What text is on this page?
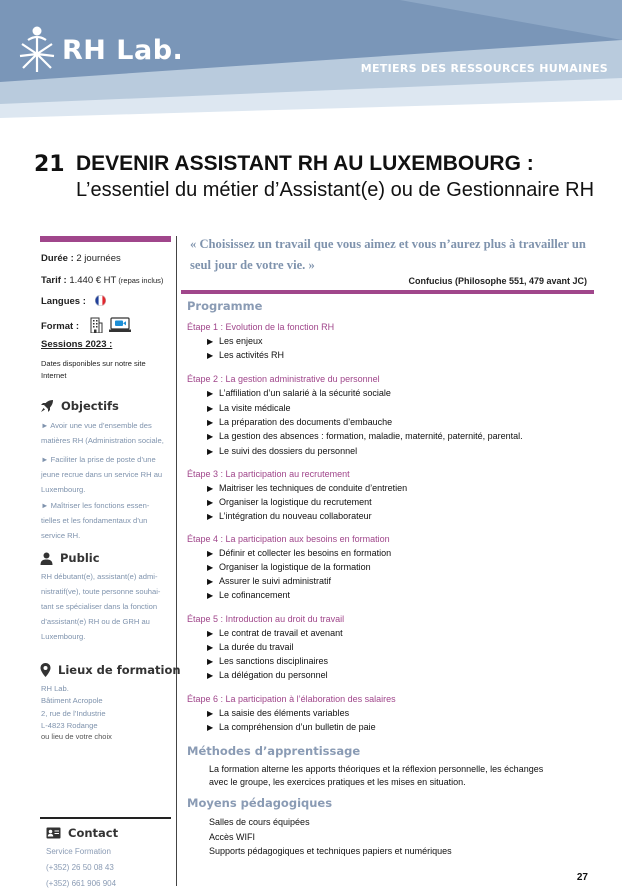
RH Lab.
METIERS DES RESSOURCES HUMAINES
21 DEVENIR ASSISTANT RH AU LUXEMBOURG :
L’essentiel du métier d’Assistant(e) ou de Gestionnaire RH
Durée : 2 journées
Tarif : 1.440 € HT (repas inclus)
Langues :
Format :
Sessions 2023 :
Dates disponibles sur notre site
Internet
Objectifs
► Avoir une vue d’ensemble des
matières RH (Administration sociale,
► Faciliter la prise de poste d’une
jeune recrue dans un service RH au
Luxembourg.
► Maîtriser les fonctions essen-
tielles et les fondamentaux d’un
service RH.
Public
RH débutant(e), assistant(e) admi-
nistratif(ve), toute personne souhai-
tant se spécialiser dans la fonction
d’assistant(e) RH ou de GRH au
Luxembourg.
Lieux de formation
RH Lab.
Bâtiment Acropole
2, rue de l’Industrie
L-4823 Rodange
ou lieu de votre choix
Contact
Service Formation
(+352) 26 50 08 43
(+352) 661 906 904
« Choisissez un travail que vous aimez et vous n’aurez plus à travailler un seul jour de votre vie. »
Confucius (Philosophe 551, 479 avant JC)
Programme
Étape 1 : Evolution de la fonction RH
▶ Les enjeux
▶ Les activités RH
Étape 2 : La gestion administrative du personnel
▶ L’affiliation d’un salarié à la sécurité sociale
▶ La visite médicale
▶ La préparation des documents d’embauche
▶ La gestion des absences : formation, maladie, maternité, paternité, parental.
▶ Le suivi des dossiers du personnel
Étape 3 : La participation au recrutement
▶ Maitriser les techniques de conduite d’entretien
▶ Organiser la logistique du recrutement
▶ L’intégration du nouveau collaborateur
Étape 4 : La participation aux besoins en formation
▶ Définir et collecter les besoins en formation
▶ Organiser la logistique de la formation
▶ Assurer le suivi administratif
▶ Le cofinancement
Étape 5 : Introduction au droit du travail
▶ Le contrat de travail et avenant
▶ La durée du travail
▶ Les sanctions disciplinaires
▶ La délégation du personnel
Étape 6 : La participation à l’élaboration des salaires
▶ La saisie des éléments variables
▶ La compréhension d’un bulletin de paie
Méthodes d’apprentissage
La formation alterne les apports théoriques et la réflexion personnelle, les échanges
avec le groupe, les exercices pratiques et les mises en situation.
Moyens pédagogiques
Salles de cours équipées
Accès WIFI
Supports pédagogiques et techniques papiers et numériques
27
